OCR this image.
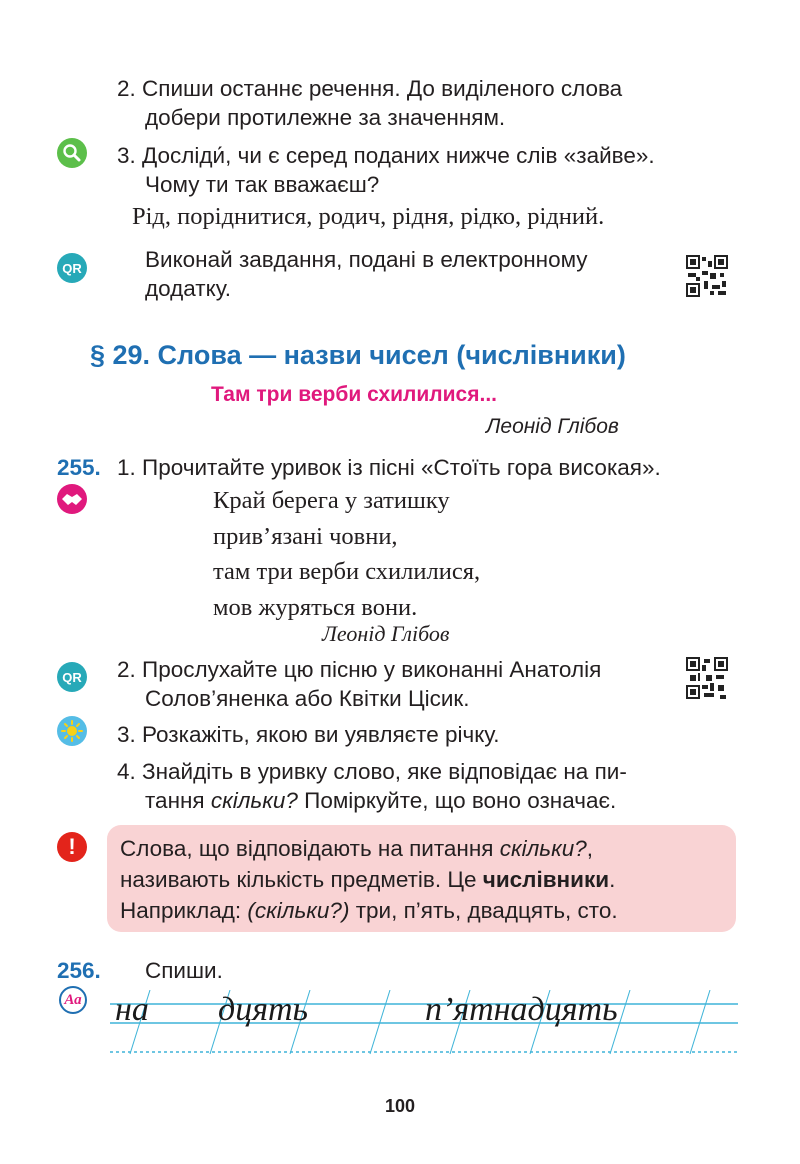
2. Спиши останнє речення. До виділеного слова
добери протилежне за значенням.
3. Досліди́, чи є серед поданих нижче слів «зайве».
Чому ти так вважаєш?
Рід, поріднитися, родич, рідня, рідко, рідний.
QR	Виконай завдання, подані в електронному
додатку.
§ 29. Слова — назви чисел (числівники)
Там три верби схилилися...
Леонід Глібов
255. 1. Прочитайте уривок із пісні «Стоїть гора високая».
Край берега у затишку
прив’язані човни,
там три верби схилилися,
мов журяться вони.
Леонід Глібов
QR 2. Прослухайте цю пісню у виконанні Анатолія
Солов’яненка або Квітки Цісик.
3. Розкажіть, якою ви уявляєте річку.
4. Знайдіть в уривку слово, яке відповідає на пи-
тання скільки? Поміркуйте, що воно означає.
!	Слова, що відповідають на питання скільки?,
називають кількість предметів. Це числівники.
Наприклад: (скільки?) три, п’ять, двадцять, сто.
256. Спиши.
Аа на дцять	п’ятнадцять
100
